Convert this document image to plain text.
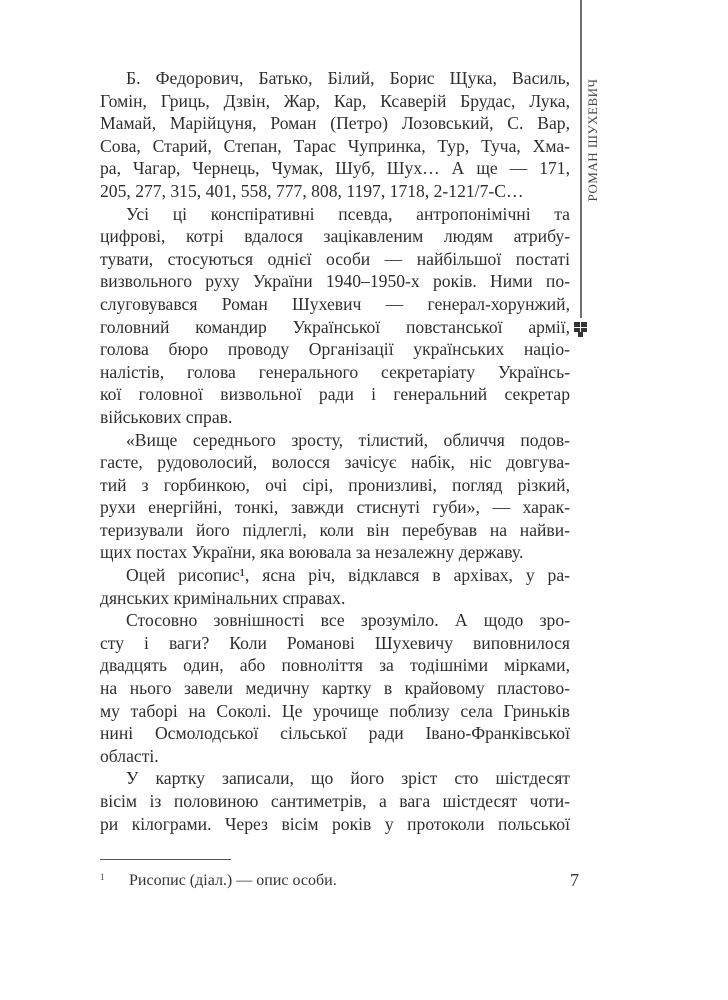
РОМАН ШУХЕВИЧ
Б. Федорович, Батько, Білий, Борис Щука, Василь,
Гомін, Гриць, Дзвін, Жар, Кар, Ксаверій Брудас, Лука,
Мамай, Марійцуня, Роман (Петро) Лозовський, С. Вар,
Сова, Старий, Степан, Тарас Чупринка, Тур, Туча, Хма-
ра, Чагар, Чернець, Чумак, Шуб, Шух… А ще — 171,
205, 277, 315, 401, 558, 777, 808, 1197, 1718, 2-121/7-С…
Усі ці конспіративні псевда, антропонімічні та
цифрові, котрі вдалося зацікавленим людям атрибу-
тувати, стосуються однієї особи — найбільшої постаті
визвольного руху України 1940–1950-х років. Ними по-
слуговувався Роман Шухевич — генерал-хорунжий,
головний командир Української повстанської армії,
голова бюро проводу Організації українських націо-
налістів, голова генерального секретаріату Українсь-
кої головної визвольної ради і генеральний секретар
військових справ.
«Вище середнього зросту, тілистий, обличчя подов-
гасте, рудоволосий, волосся зачісує набік, ніс довгува-
тий з горбинкою, очі сірі, пронизливі, погляд різкий,
рухи енергійні, тонкі, завжди стиснуті губи», — харак-
теризували його підлеглі, коли він перебував на найви-
щих постах України, яка воювала за незалежну державу.
Оцей рисопис¹, ясна річ, відклався в архівах, у ра-
дянських кримінальних справах.
Стосовно зовнішності все зрозуміло. А щодо зро-
сту і ваги? Коли Романові Шухевичу виповнилося
двадцять один, або повноліття за тодішніми мірками,
на нього завели медичну картку в крайовому пластово-
му таборі на Соколі. Це урочище поблизу села Гриньків
нині Осмолодської сільської ради Івано-Франківської
області.
У картку записали, що його зріст сто шістдесят
вісім із половиною сантиметрів, а вага шістдесят чоти-
ри кілограми. Через вісім років у протоколи польської
1 Рисопис (діал.) — опис особи.	7
